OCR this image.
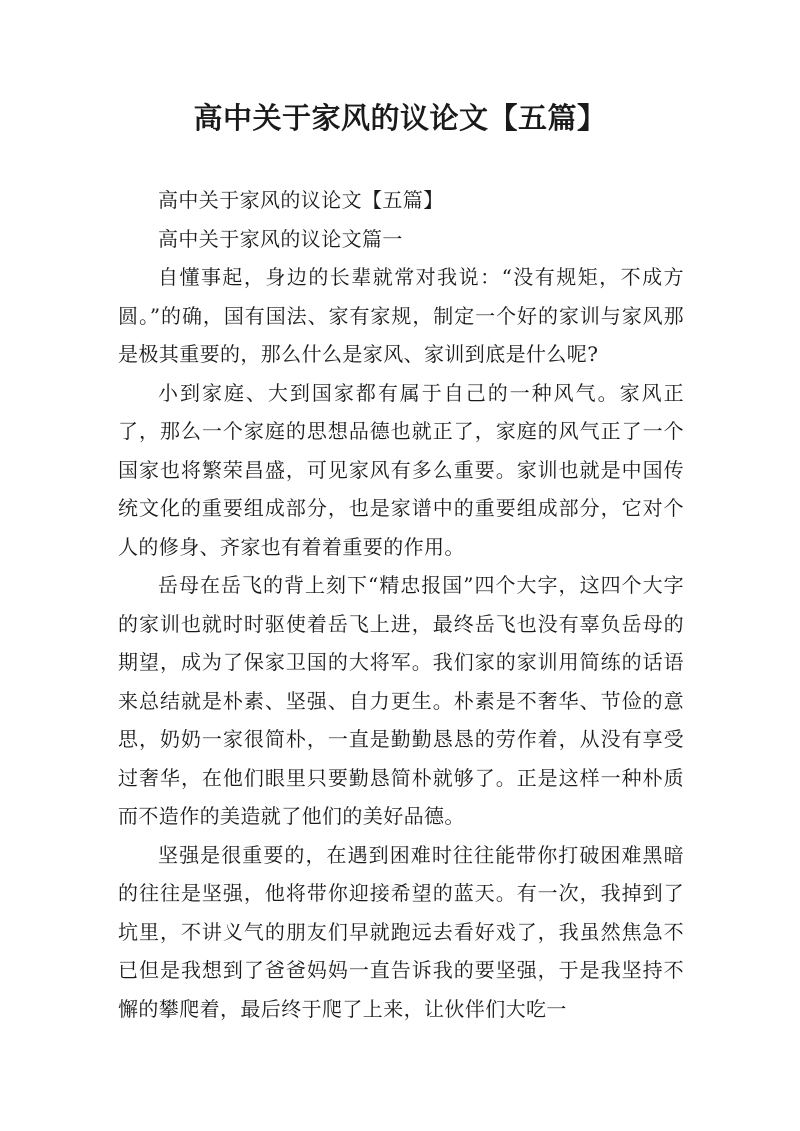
高中关于家风的议论文【五篇】

高中关于家风的议论文【五篇】

高中关于家风的议论文篇一

自懂事起，身边的长辈就常对我说：“没有规矩，不成方圆。”的确，国有国法、家有家规，制定一个好的家训与家风那是极其重要的，那么什么是家风、家训到底是什么呢?

小到家庭、大到国家都有属于自己的一种风气。家风正了，那么一个家庭的思想品德也就正了，家庭的风气正了一个国家也将繁荣昌盛，可见家风有多么重要。家训也就是中国传统文化的重要组成部分，也是家谱中的重要组成部分，它对个人的修身、齐家也有着着重要的作用。

岳母在岳飞的背上刻下“精忠报国”四个大字，这四个大字的家训也就时时驱使着岳飞上进，最终岳飞也没有辜负岳母的期望，成为了保家卫国的大将军。我们家的家训用简练的话语来总结就是朴素、坚强、自力更生。朴素是不奢华、节俭的意思，奶奶一家很简朴，一直是勤勤恳恳的劳作着，从没有享受过奢华，在他们眼里只要勤恳简朴就够了。正是这样一种朴质而不造作的美造就了他们的美好品德。

坚强是很重要的，在遇到困难时往往能带你打破困难黑暗的往往是坚强，他将带你迎接希望的蓝天。有一次，我掉到了坑里，不讲义气的朋友们早就跑远去看好戏了，我虽然焦急不已但是我想到了爸爸妈妈一直告诉我的要坚强，于是我坚持不懈的攀爬着，最后终于爬了上来，让伙伴们大吃一
